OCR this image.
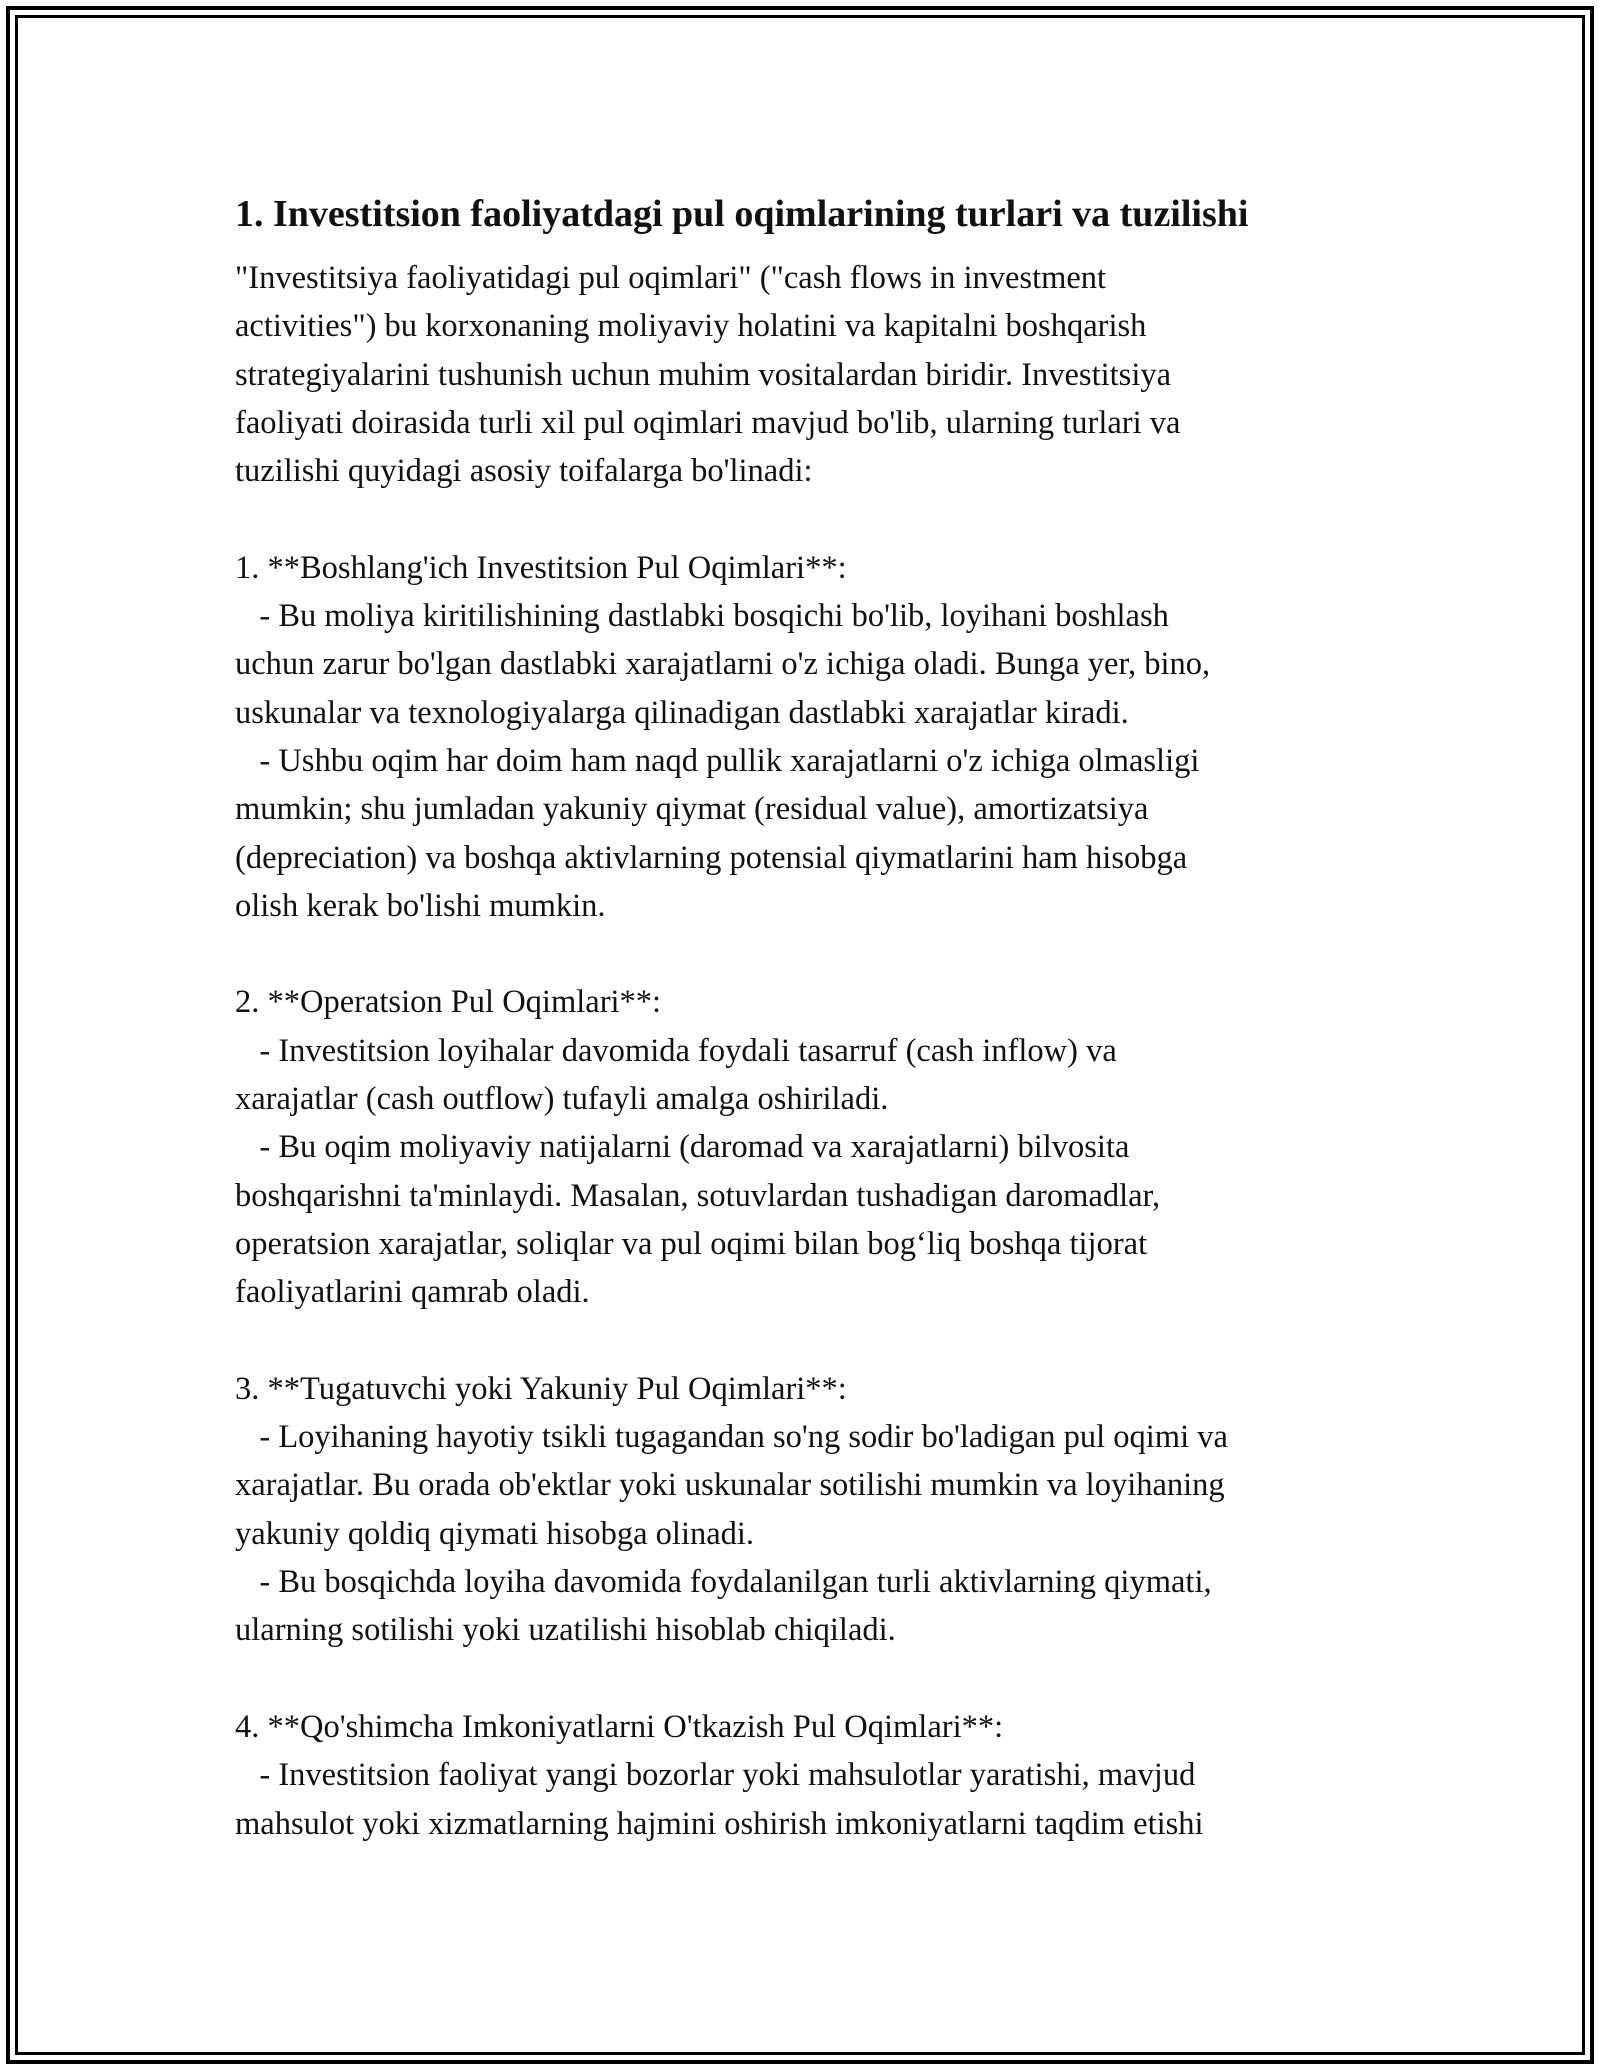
1. Investitsion faoliyatdagi pul oqimlarining turlari va tuzilishi
"Investitsiya faoliyatidagi pul oqimlari" ("cash flows in investment
activities") bu korxonaning moliyaviy holatini va kapitalni boshqarish
strategiyalarini tushunish uchun muhim vositalardan biridir. Investitsiya
faoliyati doirasida turli xil pul oqimlari mavjud bo'lib, ularning turlari va
tuzilishi quyidagi asosiy toifalarga bo'linadi:

1. **Boshlang'ich Investitsion Pul Oqimlari**:
- Bu moliya kiritilishining dastlabki bosqichi bo'lib, loyihani boshlash
uchun zarur bo'lgan dastlabki xarajatlarni o'z ichiga oladi. Bunga yer, bino,
uskunalar va texnologiyalarga qilinadigan dastlabki xarajatlar kiradi.
- Ushbu oqim har doim ham naqd pullik xarajatlarni o'z ichiga olmasligi
mumkin; shu jumladan yakuniy qiymat (residual value), amortizatsiya
(depreciation) va boshqa aktivlarning potensial qiymatlarini ham hisobga
olish kerak bo'lishi mumkin.

2. **Operatsion Pul Oqimlari**:
- Investitsion loyihalar davomida foydali tasarruf (cash inflow) va
xarajatlar (cash outflow) tufayli amalga oshiriladi.
- Bu oqim moliyaviy natijalarni (daromad va xarajatlarni) bilvosita
boshqarishni ta'minlaydi. Masalan, sotuvlardan tushadigan daromadlar,
operatsion xarajatlar, soliqlar va pul oqimi bilan bog‘liq boshqa tijorat
faoliyatlarini qamrab oladi.

3. **Tugatuvchi yoki Yakuniy Pul Oqimlari**:
- Loyihaning hayotiy tsikli tugagandan so'ng sodir bo'ladigan pul oqimi va
xarajatlar. Bu orada ob'ektlar yoki uskunalar sotilishi mumkin va loyihaning
yakuniy qoldiq qiymati hisobga olinadi.
- Bu bosqichda loyiha davomida foydalanilgan turli aktivlarning qiymati,
ularning sotilishi yoki uzatilishi hisoblab chiqiladi.

4. **Qo'shimcha Imkoniyatlarni O'tkazish Pul Oqimlari**:
- Investitsion faoliyat yangi bozorlar yoki mahsulotlar yaratishi, mavjud
mahsulot yoki xizmatlarning hajmini oshirish imkoniyatlarni taqdim etishi
